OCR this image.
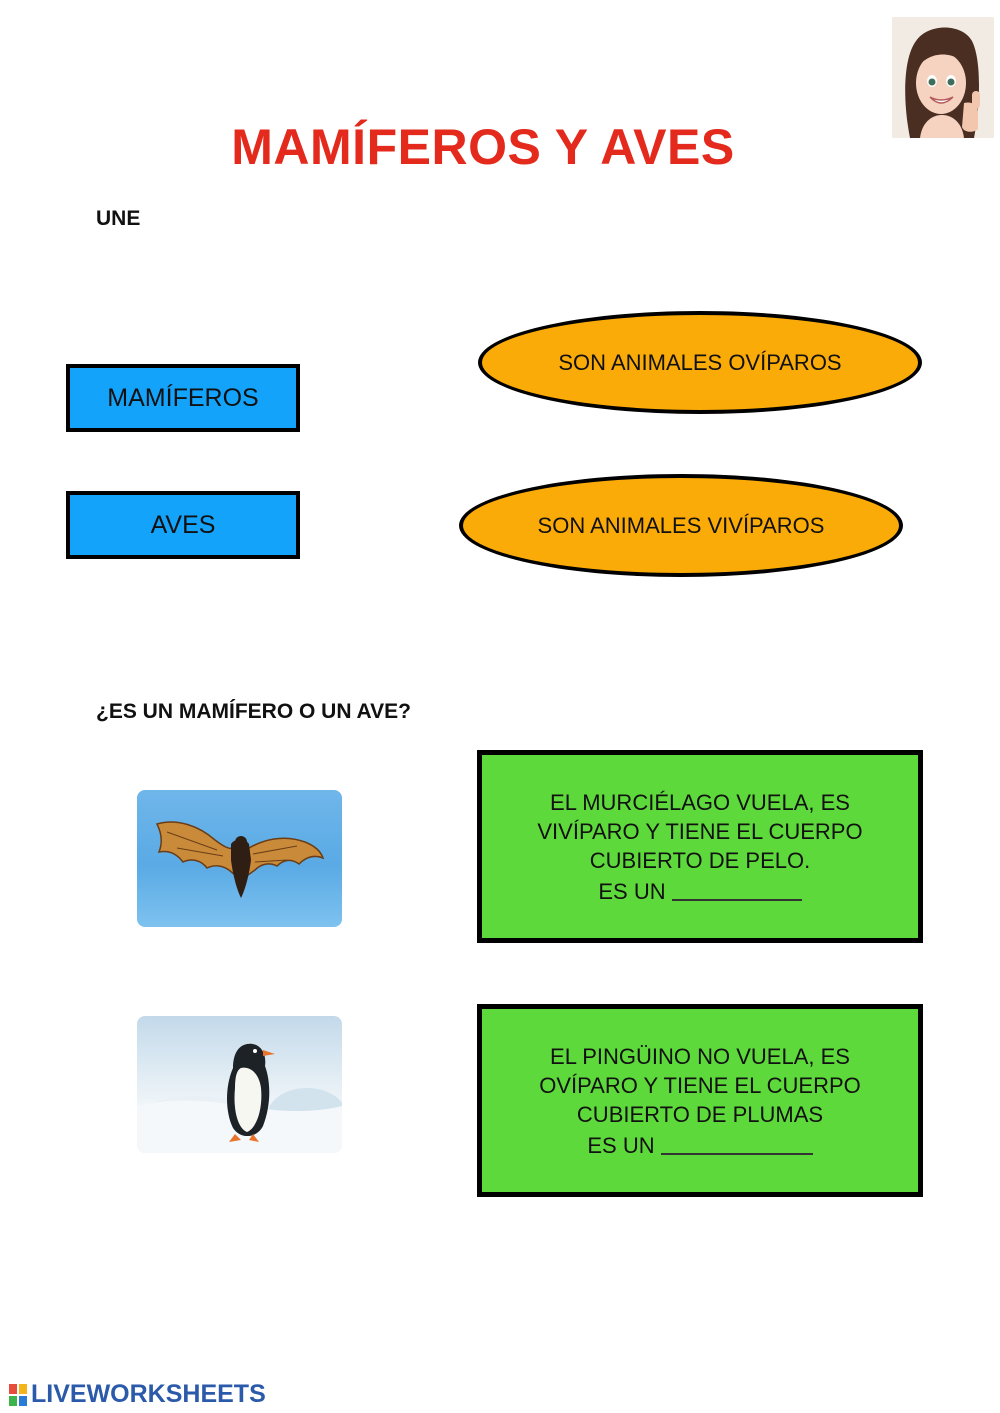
MAMÍFEROS Y AVES
UNE
MAMÍFEROS
AVES
SON ANIMALES OVÍPAROS
SON ANIMALES VIVÍPAROS
¿ES UN MAMÍFERO O UN AVE?
EL MURCIÉLAGO VUELA, ES
VIVÍPARO Y TIENE EL CUERPO
CUBIERTO DE PELO.
ES UN
EL PINGÜINO NO VUELA, ES
OVÍPARO Y TIENE EL CUERPO
CUBIERTO DE PLUMAS
ES UN
LIVEWORKSHEETS
